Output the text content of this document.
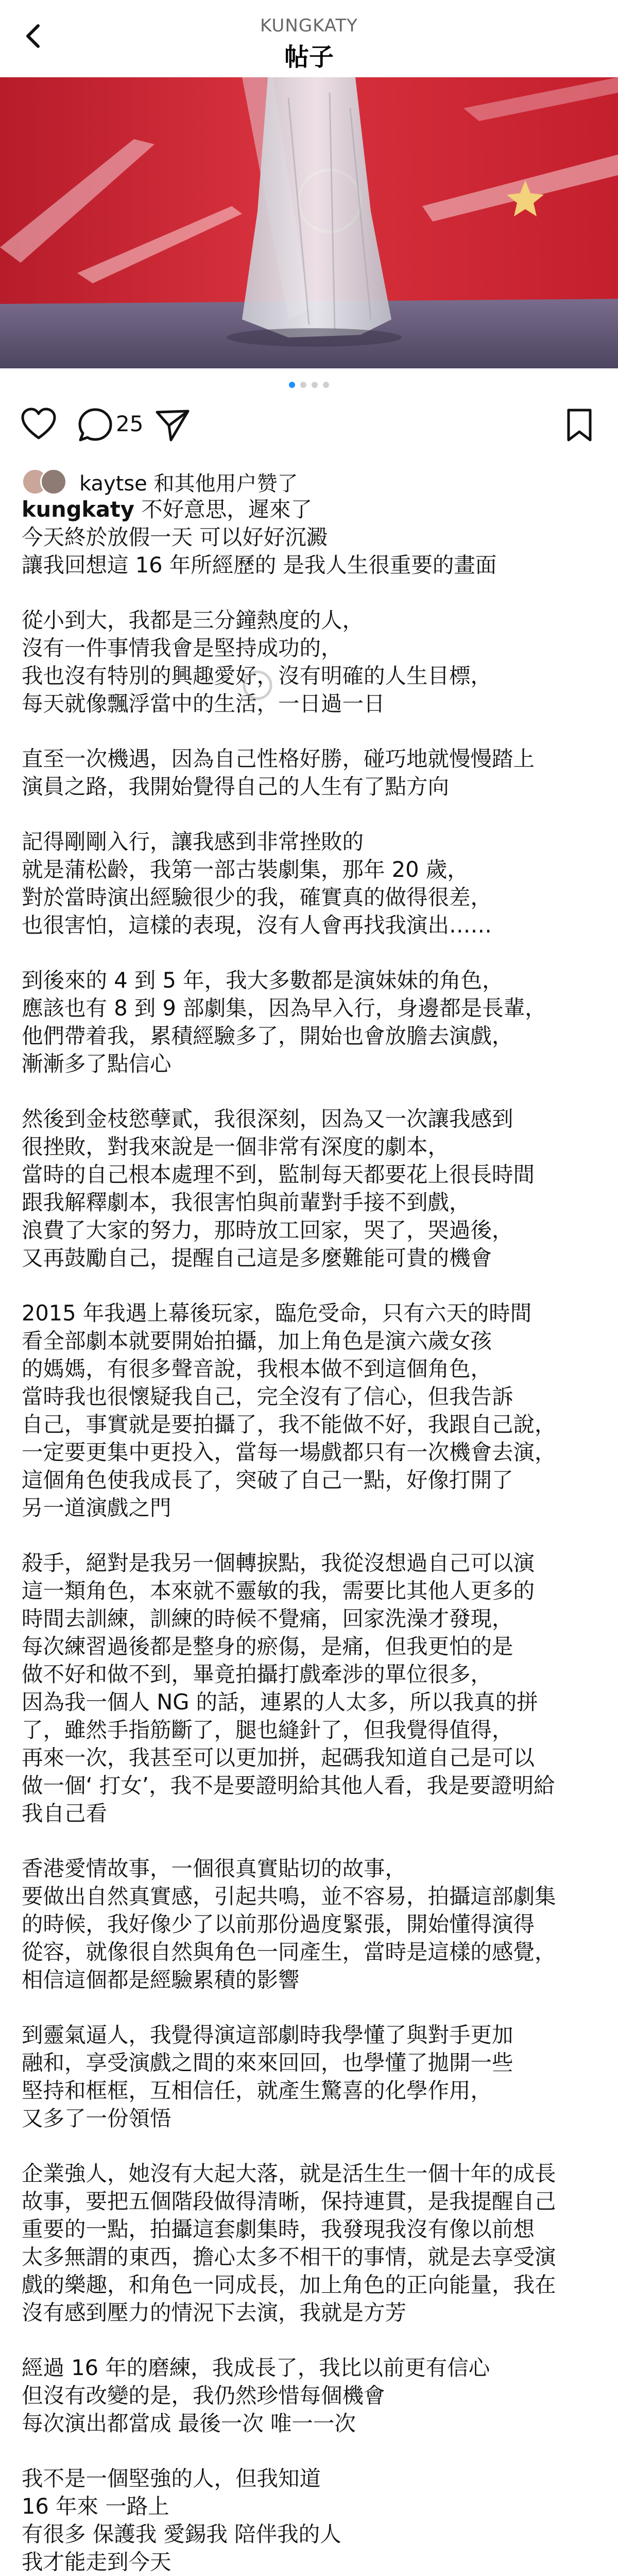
KUNGKATY
帖子
25
kaytse 和其他用户赞了
kungkaty 不好意思，遲來了
今天終於放假一天 可以好好沉澱
讓我回想這 16 年所經歷的 是我人生很重要的畫面
從小到大，我都是三分鐘熱度的人，
沒有一件事情我會是堅持成功的，
我也沒有特別的興趣愛好，沒有明確的人生目標，
每天就像飄浮當中的生活，一日過一日
直至一次機遇，因為自己性格好勝，碰巧地就慢慢踏上
演員之路，我開始覺得自己的人生有了點方向
記得剛剛入行，讓我感到非常挫敗的
就是蒲松齡，我第一部古裝劇集，那年 20 歲，
對於當時演出經驗很少的我，確實真的做得很差，
也很害怕，這樣的表現，沒有人會再找我演出……
到後來的 4 到 5 年，我大多數都是演妹妹的角色，
應該也有 8 到 9 部劇集，因為早入行，身邊都是長輩，
他們帶着我，累積經驗多了，開始也會放膽去演戲，
漸漸多了點信心
然後到金枝慾孽貳，我很深刻，因為又一次讓我感到
很挫敗，對我來說是一個非常有深度的劇本，
當時的自己根本處理不到，監制每天都要花上很長時間
跟我解釋劇本，我很害怕與前輩對手接不到戲，
浪費了大家的努力，那時放工回家，哭了，哭過後，
又再鼓勵自己，提醒自己這是多麼難能可貴的機會
2015 年我遇上幕後玩家，臨危受命，只有六天的時間
看全部劇本就要開始拍攝，加上角色是演六歲女孩
的媽媽，有很多聲音說，我根本做不到這個角色，
當時我也很懷疑我自己，完全沒有了信心，但我告訴
自己，事實就是要拍攝了，我不能做不好，我跟自己說，
一定要更集中更投入，當每一場戲都只有一次機會去演，
這個角色使我成長了，突破了自己一點，好像打開了
另一道演戲之門
殺手，絕對是我另一個轉捩點，我從沒想過自己可以演
這一類角色，本來就不靈敏的我，需要比其他人更多的
時間去訓練，訓練的時候不覺痛，回家洗澡才發現，
每次練習過後都是整身的瘀傷，是痛，但我更怕的是
做不好和做不到，畢竟拍攝打戲牽涉的單位很多，
因為我一個人 NG 的話，連累的人太多，所以我真的拼
了，雖然手指筋斷了，腿也縫針了，但我覺得值得，
再來一次，我甚至可以更加拼，起碼我知道自己是可以
做一個‘ 打女’，我不是要證明給其他人看，我是要證明給
我自己看
香港愛情故事，一個很真實貼切的故事，
要做出自然真實感，引起共鳴，並不容易，拍攝這部劇集
的時候，我好像少了以前那份過度緊張，開始懂得演得
從容，就像很自然與角色一同產生，當時是這樣的感覺，
相信這個都是經驗累積的影響
到靈氣逼人，我覺得演這部劇時我學懂了與對手更加
融和，享受演戲之間的來來回回，也學懂了拋開一些
堅持和框框，互相信任，就產生驚喜的化學作用，
又多了一份領悟
企業強人，她沒有大起大落，就是活生生一個十年的成長
故事，要把五個階段做得清晰，保持連貫，是我提醒自己
重要的一點，拍攝這套劇集時，我發現我沒有像以前想
太多無謂的東西，擔心太多不相干的事情，就是去享受演
戲的樂趣，和角色一同成長，加上角色的正向能量，我在
沒有感到壓力的情況下去演，我就是方芳
經過 16 年的磨練，我成長了，我比以前更有信心
但沒有改變的是，我仍然珍惜每個機會
每次演出都當成 最後一次 唯一一次
我不是一個堅強的人，但我知道
16 年來 一路上
有很多 保護我 愛錫我 陪伴我的人
我才能走到今天
